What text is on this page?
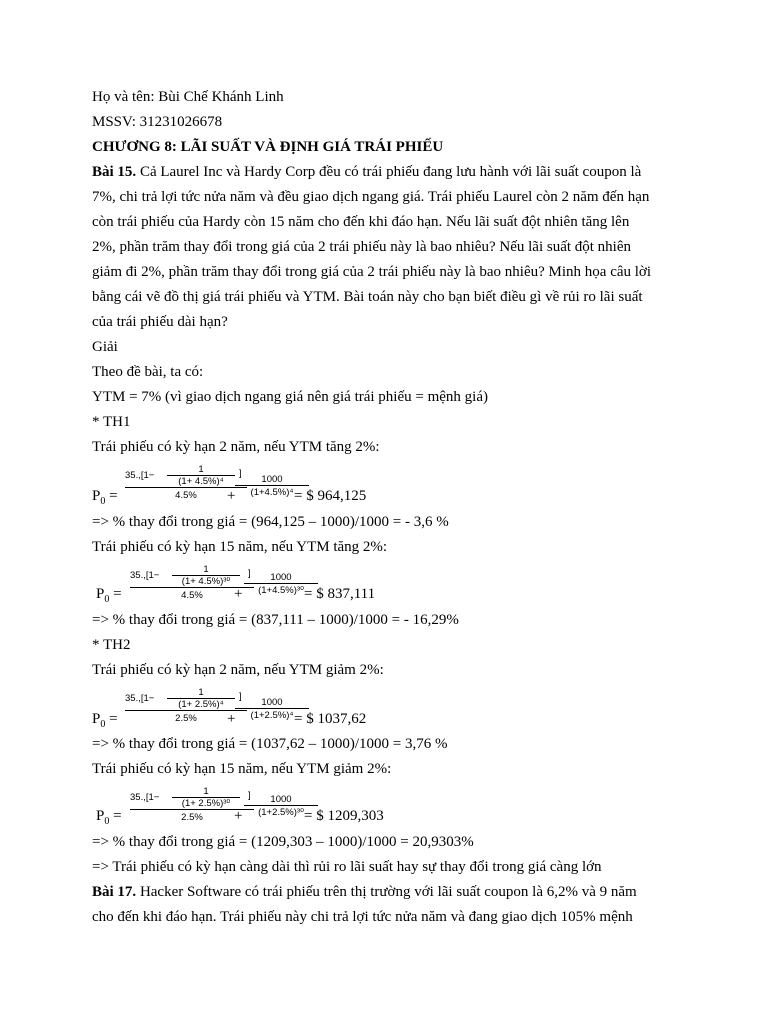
Họ và tên: Bùi Chế Khánh Linh
MSSV: 31231026678
CHƯƠNG 8: LÃI SUẤT VÀ ĐỊNH GIÁ TRÁI PHIẾU
Bài 15. Cả Laurel Inc và Hardy Corp đều có trái phiếu đang lưu hành với lãi suất coupon là
7%, chi trả lợi tức nửa năm và đều giao dịch ngang giá. Trái phiếu Laurel còn 2 năm đến hạn
còn trái phiếu của Hardy còn 15 năm cho đến khi đáo hạn. Nếu lãi suất đột nhiên tăng lên
2%, phần trăm thay đổi trong giá của 2 trái phiếu này là bao nhiêu? Nếu lãi suất đột nhiên
giảm đi 2%, phần trăm thay đổi trong giá của 2 trái phiếu này là bao nhiêu? Minh họa câu lời
bằng cái vẽ đồ thị giá trái phiếu và YTM. Bài toán này cho bạn biết điều gì về rủi ro lãi suất
của trái phiếu dài hạn?
Giải
Theo đề bài, ta có:
YTM = 7% (vì giao dịch ngang giá nên giá trái phiếu = mệnh giá)
* TH1
Trái phiếu có kỳ hạn 2 năm, nếu YTM tăng 2%:
$P_0$ =
35.,[1−
1
(1+ 4.5%)⁴
]
4.5%	+
1000
(1+4.5%)⁴ = $ 964,125
=> % thay đổi trong giá = (964,125 – 1000)/1000 = - 3,6 %
Trái phiếu có kỳ hạn 15 năm, nếu YTM tăng 2%:
$P_0$ =
35.,[1−
1
(1+ 4.5%)³⁰
]
4.5%	+
1000
(1+4.5%)³⁰ = $ 837,111
=> % thay đổi trong giá = (837,111 – 1000)/1000 = - 16,29%
* TH2
Trái phiếu có kỳ hạn 2 năm, nếu YTM giảm 2%:
$P_0$ =
35.,[1−
1
(1+ 2.5%)⁴
]
2.5%	+
1000
(1+2.5%)⁴ = $ 1037,62
=> % thay đổi trong giá = (1037,62 – 1000)/1000 = 3,76 %
Trái phiếu có kỳ hạn 15 năm, nếu YTM giảm 2%:
$P_0$ =
35.,[1−
1
(1+ 2.5%)³⁰
]
2.5%	+
1000
(1+2.5%)³⁰ = $ 1209,303
=> % thay đổi trong giá = (1209,303 – 1000)/1000 = 20,9303%
=> Trái phiếu có kỳ hạn càng dài thì rủi ro lãi suất hay sự thay đổi trong giá càng lớn
Bài 17. Hacker Software có trái phiếu trên thị trường với lãi suất coupon là 6,2% và 9 năm
cho đến khi đáo hạn. Trái phiếu này chi trả lợi tức nửa năm và đang giao dịch 105% mệnh
